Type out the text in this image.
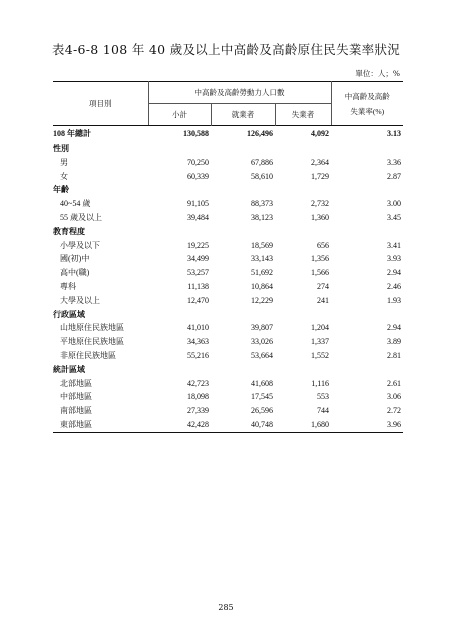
表4-6-8 108 年 40 歲及以上中高齡及高齡原住民失業率狀況
單位：人；%
項目別	中高齡及高齡勞動力人口數			中高齡及高齡
失業率(%)

	小計	就業者	失業者	
108 年總計	130,588	126,496	4,092	3.13
性別				
男	70,250	67,886	2,364	3.36
女	60,339	58,610	1,729	2.87
年齡				
40~54 歲	91,105	88,373	2,732	3.00
55 歲及以上	39,484	38,123	1,360	3.45
教育程度				
小學及以下	19,225	18,569	656	3.41
國(初)中	34,499	33,143	1,356	3.93
高中(職)	53,257	51,692	1,566	2.94
專科	11,138	10,864	274	2.46
大學及以上	12,470	12,229	241	1.93
行政區域				
山地原住民族地區	41,010	39,807	1,204	2.94
平地原住民族地區	34,363	33,026	1,337	3.89
非原住民族地區	55,216	53,664	1,552	2.81
統計區域				
北部地區	42,723	41,608	1,116	2.61
中部地區	18,098	17,545	553	3.06
南部地區	27,339	26,596	744	2.72
東部地區	42,428	40,748	1,680	3.96
285
